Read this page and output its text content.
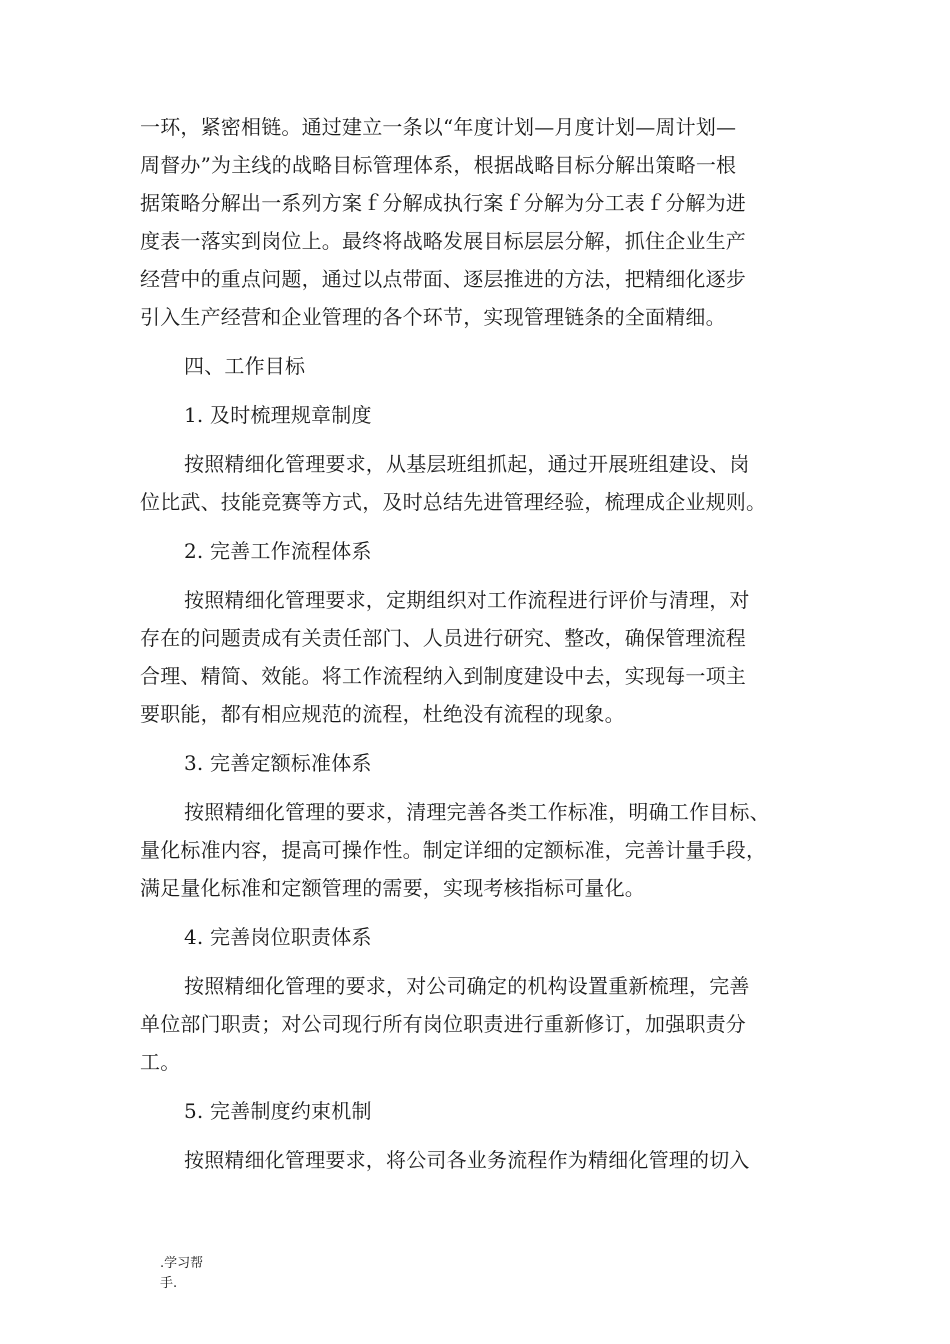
一环，紧密相链。通过建立一条以“年度计划—月度计划—周计划—
周督办”为主线的战略目标管理体系，根据战略目标分解出策略一根
据策略分解出一系列方案ｆ分解成执行案ｆ分解为分工表ｆ分解为进
度表一落实到岗位上。最终将战略发展目标层层分解，抓住企业生产
经营中的重点问题，通过以点带面、逐层推进的方法，把精细化逐步
引入生产经营和企业管理的各个环节，实现管理链条的全面精细。
四、工作目标
1. 及时梳理规章制度
按照精细化管理要求，从基层班组抓起，通过开展班组建设、岗
位比武、技能竞赛等方式，及时总结先进管理经验，梳理成企业规则。
2. 完善工作流程体系
按照精细化管理要求，定期组织对工作流程进行评价与清理，对
存在的问题责成有关责任部门、人员进行研究、整改，确保管理流程
合理、精简、效能。将工作流程纳入到制度建设中去，实现每一项主
要职能，都有相应规范的流程，杜绝没有流程的现象。
3. 完善定额标准体系
按照精细化管理的要求，清理完善各类工作标准，明确工作目标、
量化标准内容，提高可操作性。制定详细的定额标准，完善计量手段，
满足量化标准和定额管理的需要，实现考核指标可量化。
4. 完善岗位职责体系
按照精细化管理的要求，对公司确定的机构设置重新梳理，完善
单位部门职责；对公司现行所有岗位职责进行重新修订，加强职责分
工。
5. 完善制度约束机制
按照精细化管理要求，将公司各业务流程作为精细化管理的切入
.学习帮
手.
